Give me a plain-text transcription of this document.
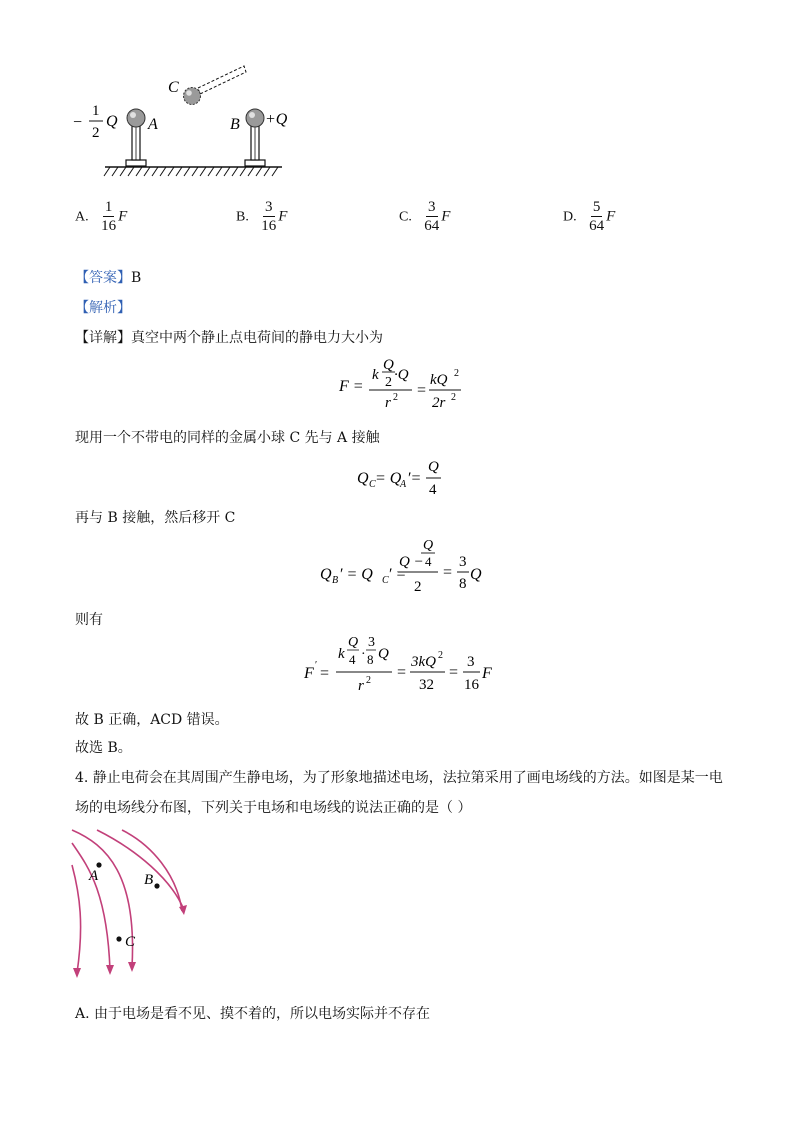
C
−
1
2
Q A	B +Q
A. $\frac{1}{16}$ F	B. $\frac{3}{16}$ F	C. $\frac{3}{64}$ F	D. $\frac{5}{64}$ F
【答案】B
【解析】
【详解】真空中两个静止点电荷间的静电力大小为
F =
k
Q
2 ·Q
r 2 =
kQ 2
2r 2
现用一个不带电的同样的金属小球 C 先与 A 接触
Q C = Q
A ′=
Q
4
再与 B 接触，然后移开 C
Q B ′ = Q C ′ =
Q −
Q
4
2
=
3
8
Q
则有
F ′ =
k
Q
4 ·
3
8 Q
r 2 =
3kQ 2
32
=
3
16
F
故 B 正确，ACD 错误。
故选 B。
4. 静止电荷会在其周围产生静电场，为了形象地描述电场，法拉第采用了画电场线的方法。如图是某一电
场的电场线分布图，下列关于电场和电场线的说法正确的是（ ）
A	B
C
A. 由于电场是看不见、摸不着的，所以电场实际并不存在
